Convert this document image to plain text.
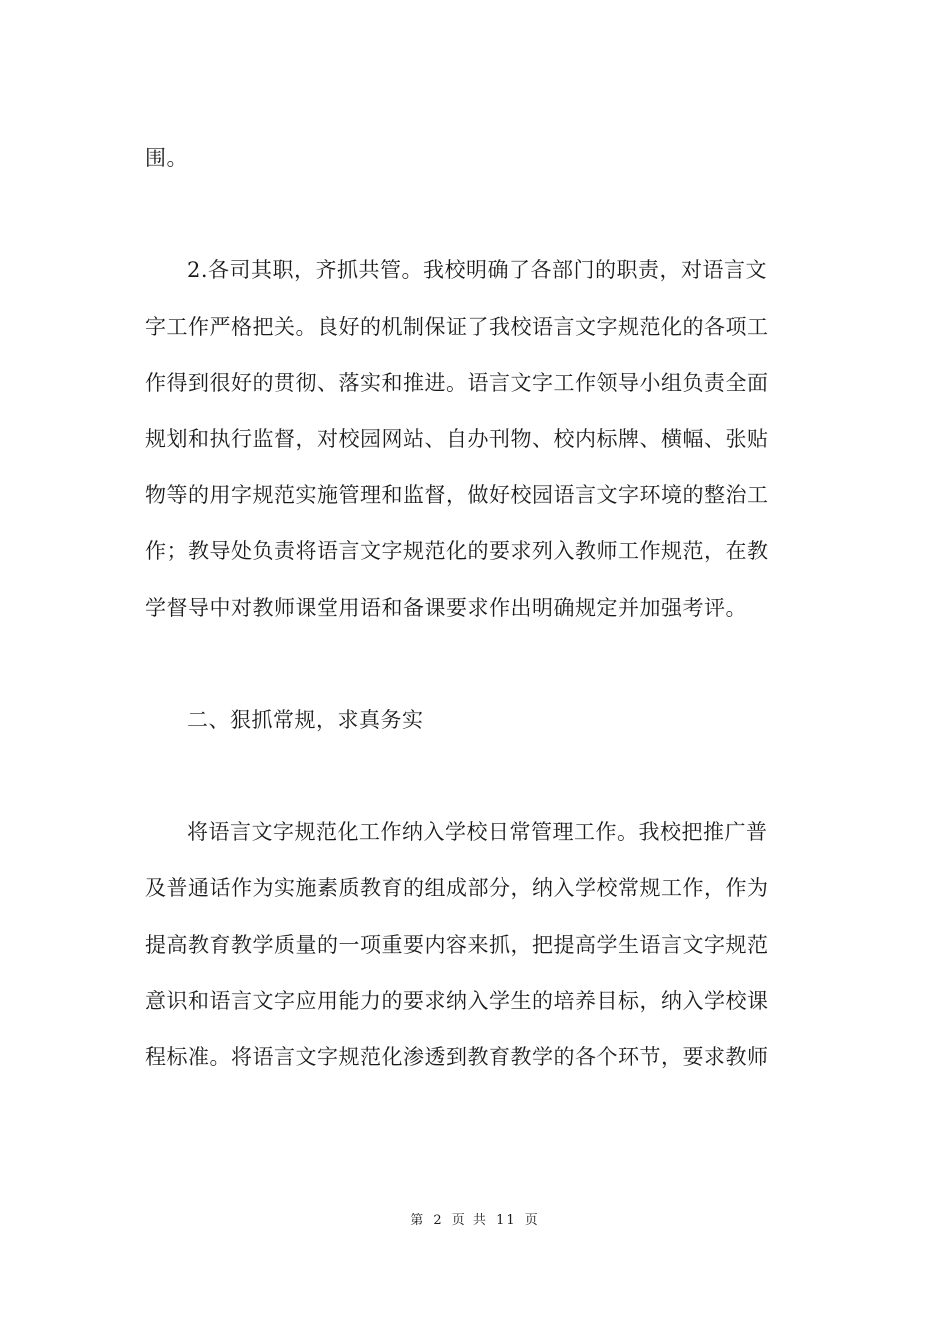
围。
2.各司其职，齐抓共管。我校明确了各部门的职责，对语言文
字工作严格把关。良好的机制保证了我校语言文字规范化的各项工
作得到很好的贯彻、落实和推进。语言文字工作领导小组负责全面
规划和执行监督，对校园网站、自办刊物、校内标牌、横幅、张贴
物等的用字规范实施管理和监督，做好校园语言文字环境的整治工
作；教导处负责将语言文字规范化的要求列入教师工作规范，在教
学督导中对教师课堂用语和备课要求作出明确规定并加强考评。
二、狠抓常规，求真务实
将语言文字规范化工作纳入学校日常管理工作。我校把推广普
及普通话作为实施素质教育的组成部分，纳入学校常规工作，作为
提高教育教学质量的一项重要内容来抓，把提高学生语言文字规范
意识和语言文字应用能力的要求纳入学生的培养目标，纳入学校课
程标准。将语言文字规范化渗透到教育教学的各个环节，要求教师
第 2 页 共 11 页
